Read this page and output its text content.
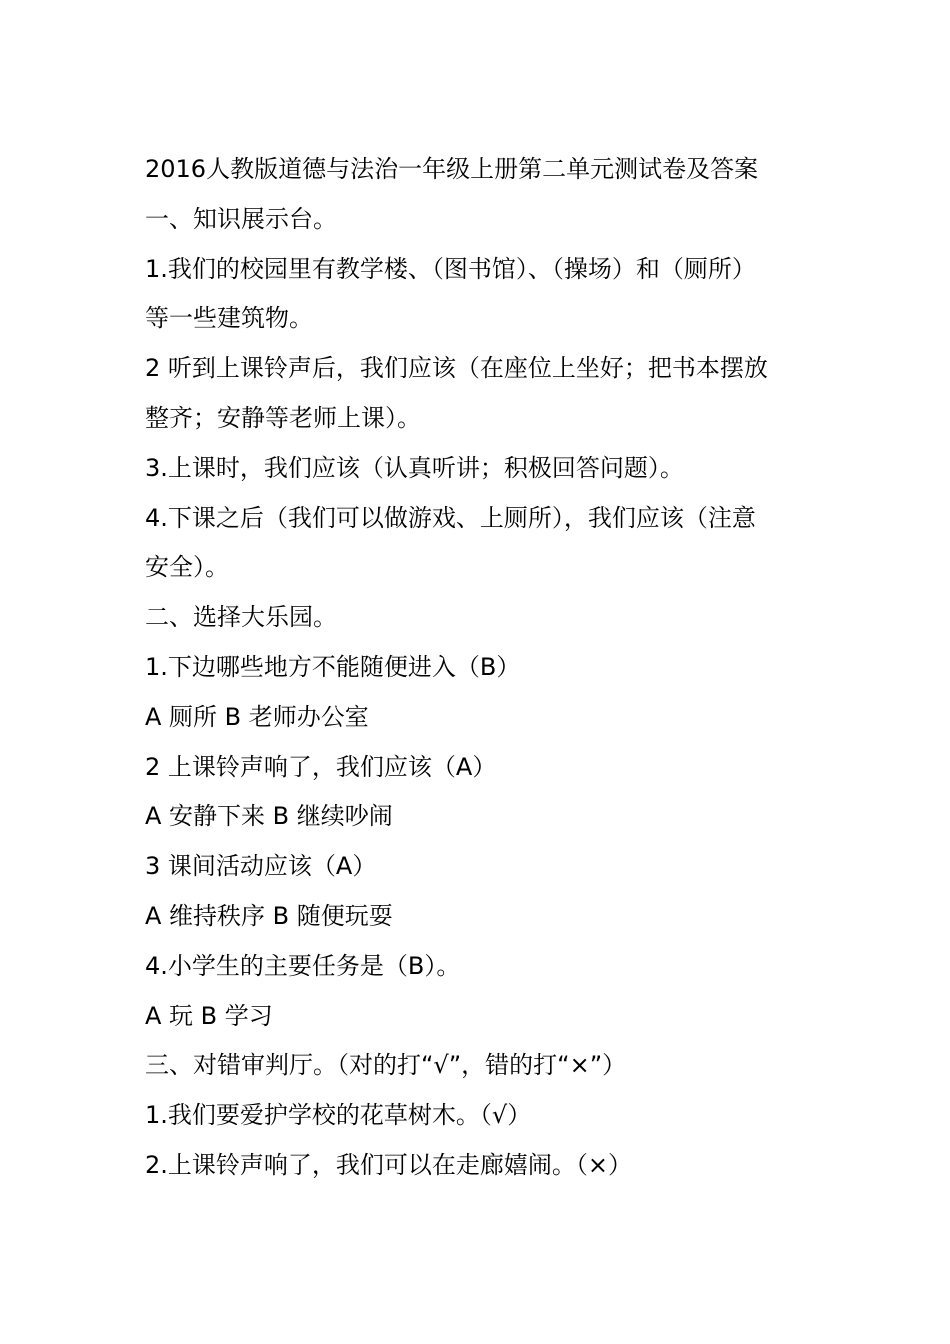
2016人教版道德与法治一年级上册第二单元测试卷及答案
一、知识展示台。
1.我们的校园里有教学楼、（图书馆）、（操场）和（厕所）
等一些建筑物。
2 听到上课铃声后，我们应该（在座位上坐好；把书本摆放
整齐；安静等老师上课）。
3.上课时，我们应该（认真听讲；积极回答问题）。
4.下课之后（我们可以做游戏、上厕所），我们应该（注意
安全）。
二、选择大乐园。
1.下边哪些地方不能随便进入（B）
A 厕所 B 老师办公室
2 上课铃声响了，我们应该（A）
A 安静下来 B 继续吵闹
3 课间活动应该（A）
A 维持秩序 B 随便玩耍
4.小学生的主要任务是（B）。
A 玩 B 学习
三、对错审判厅。（对的打“√”，错的打“×”）
1.我们要爱护学校的花草树木。（√）
2.上课铃声响了，我们可以在走廊嬉闹。（×）
